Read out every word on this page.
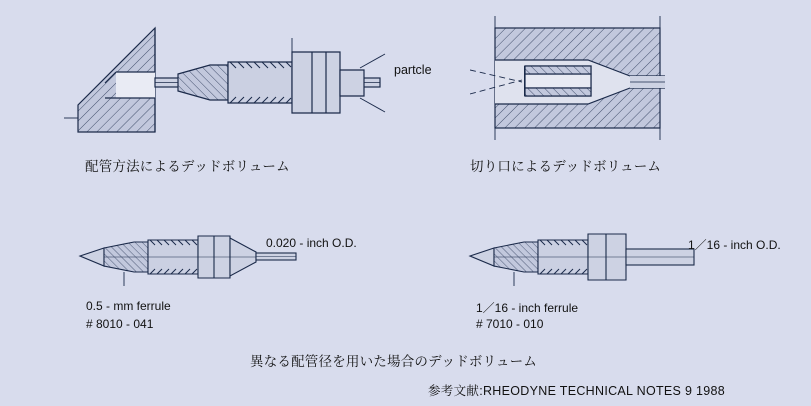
配管方法によるデッドボリューム
partcle
切り口によるデッドボリューム
0.020 - inch O.D.
0.5 - mm ferrule
# 8010 - 041
1／16 - inch O.D.
1／16 - inch ferrule
# 7010 - 010
異なる配管径を用いた場合のデッドボリューム
参考文献:RHEODYNE TECHNICAL NOTES 9 1988
